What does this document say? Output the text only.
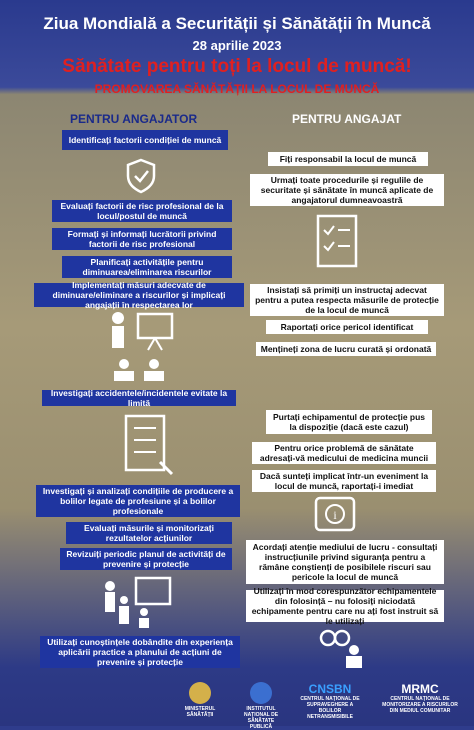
Ziua Mondială a Securității și Sănătății în Muncă
28 aprilie 2023
Sănătate pentru toți la locul de muncă!
PROMOVAREA SĂNĂTĂȚII LA LOCUL DE MUNCĂ
PENTRU ANGAJATOR	PENTRU ANGAJAT
Identificați factorii condiției de muncă
Evaluați factorii de risc profesional de la locul/postul de muncă
Formați și informați lucrătorii privind factorii de risc profesional
Planificați activitățile pentru diminuarea/eliminarea riscurilor
Implementați măsuri adecvate de diminuare/eliminare a riscurilor și implicați angajații în respectarea lor
Investigați accidentele/incidentele evitate la limită
Investigați și analizați condițiile de producere a bolilor legate de profesiune și a bolilor profesionale
Evaluați măsurile și monitorizați rezultatelor acțiunilor
Revizuiți periodic planul de activități de prevenire și protecție
Utilizați cunoștințele dobândite din experiența aplicării practice a planului de acțiuni de prevenire și protecție
Fiți responsabil la locul de muncă
Urmați toate procedurile și regulile de securitate și sănătate în muncă aplicate de angajatorul dumneavoastră
Insistați să primiți un instructaj adecvat pentru a putea respecta măsurile de protecție de la locul de muncă
Raportați orice pericol identificat
Mențineți zona de lucru curată și ordonată
Purtați echipamentul de protecție pus la dispoziție (dacă este cazul)
Pentru orice problemă de sănătate adresați-vă medicului de medicina muncii
Dacă sunteți implicat într-un eveniment la locul de muncă, raportați-i imediat
Acordați atenție mediului de lucru - consultați instrucțiunile privind siguranța pentru a rămâne conștienți de posibilele riscuri sau pericole la locul de muncă
Utilizați în mod corespunzător echipamentele din folosință – nu folosiți niciodată echipamente pentru care nu ați fost instruit să le utilizați
i
MINISTERUL SĂNĂTĂȚII
INSTITUTUL NAȚIONAL DE SĂNĂTATE PUBLICĂ
CNSBN
CENTRUL NAȚIONAL DE SUPRAVEGHERE A BOLILOR NETRANSMISIBILE
MRMC
CENTRUL NAȚIONAL DE MONITORIZARE A RISCURILOR DIN MEDIUL COMUNITAR
